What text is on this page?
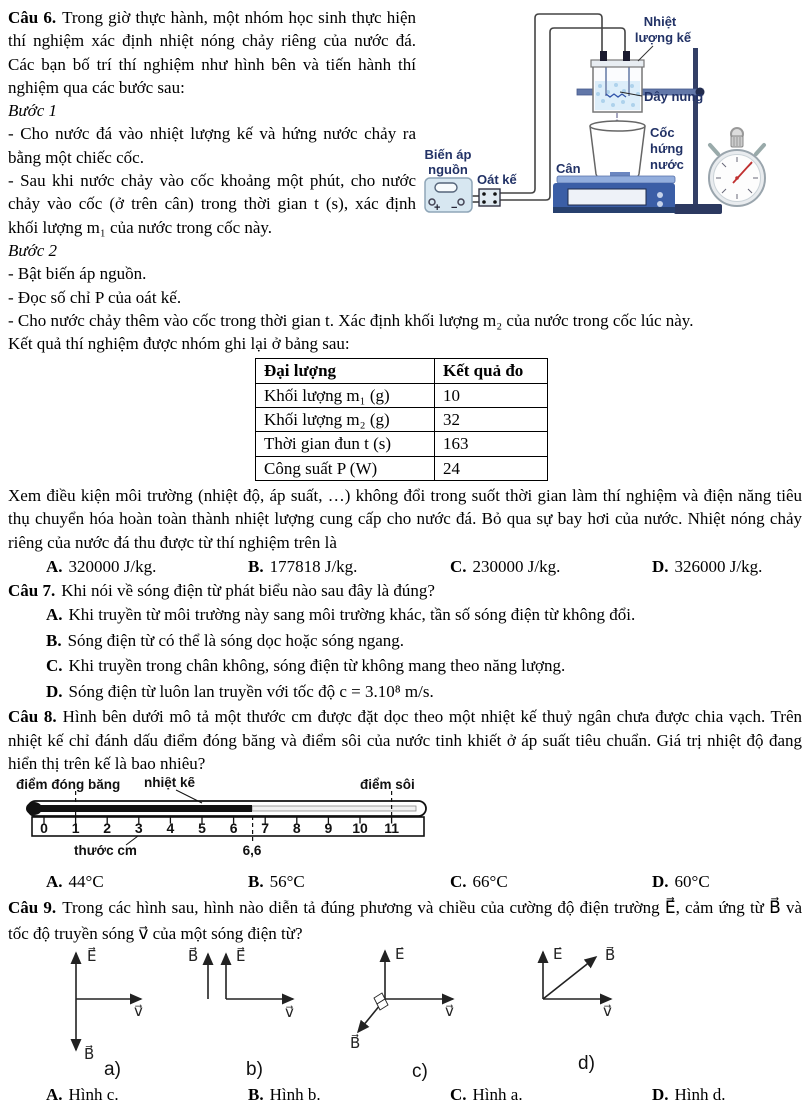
+ −
Nhiệt
lượng kế
Dây nung
Cốc
hứng
nước
Biến áp
nguồn
Oát kế
Cân

Câu 6. Trong giờ thực hành, một nhóm học sinh thực hiện thí nghiệm xác định nhiệt nóng chảy riêng của nước đá. Các bạn bố trí thí nghiệm như hình bên và tiến hành thí nghiệm qua các bước sau:

Bước 1

- Cho nước đá vào nhiệt lượng kế và hứng nước chảy ra bằng một chiếc cốc.

- Sau khi nước chảy vào cốc khoảng một phút, cho nước chảy vào cốc (ở trên cân) trong thời gian t (s), xác định khối lượng m₁ của nước trong cốc này.

Bước 2

- Bật biến áp nguồn.

- Đọc số chỉ P của oát kế.

- Cho nước chảy thêm vào cốc trong thời gian t. Xác định khối lượng m₂ của nước trong cốc lúc này.

Kết quả thí nghiệm được nhóm ghi lại ở bảng sau:

Đại lượng	Kết quả đo
Khối lượng m₁ (g)	10
Khối lượng m₂ (g)	32
Thời gian đun t (s)	163
Công suất P (W)	24

Xem điều kiện môi trường (nhiệt độ, áp suất, …) không đổi trong suốt thời gian làm thí nghiệm và điện năng tiêu thụ chuyển hóa hoàn toàn thành nhiệt lượng cung cấp cho nước đá. Bỏ qua sự bay hơi của nước. Nhiệt nóng chảy riêng của nước đá thu được từ thí nghiệm trên là

A. 320000 J/kg.	B. 177818 J/kg.	C. 230000 J/kg.	D. 326000 J/kg.

Câu 7. Khi nói về sóng điện từ phát biểu nào sau đây là đúng?

A. Khi truyền từ môi trường này sang môi trường khác, tần số sóng điện từ không đổi.

B. Sóng điện từ có thể là sóng dọc hoặc sóng ngang.

C. Khi truyền trong chân không, sóng điện từ không mang theo năng lượng.

D. Sóng điện từ luôn lan truyền với tốc độ c = 3.10⁸ m/s.

Câu 8. Hình bên dưới mô tả một thước cm được đặt dọc theo một nhiệt kế thuỷ ngân chưa được chia vạch. Trên nhiệt kế chỉ đánh dấu điểm đóng băng và điểm sôi của nước tinh khiết ở áp suất tiêu chuẩn. Giá trị nhiệt độ đang hiển thị trên kế là bao nhiêu?

0 1 2 3 4 5 6 7 8 9 10 11
điểm đóng băng nhiệt kế	điểm sôi
thước cm	6,6
A. 44°C	B. 56°C	C. 66°C	D. 60°C

Câu 9. Trong các hình sau, hình nào diễn tả đúng phương và chiều của cường độ điện trường E⃗, cảm ứng từ B⃗ và tốc độ truyền sóng v⃗ của một sóng điện từ?

E⃗
v⃗
B⃗
B⃗	E⃗
v⃗
E⃗
v⃗
B⃗
E⃗	B⃗
v⃗
a)	b)	c)	d)
A. Hình c.	B. Hình b.	C. Hình a.	D. Hình d.
